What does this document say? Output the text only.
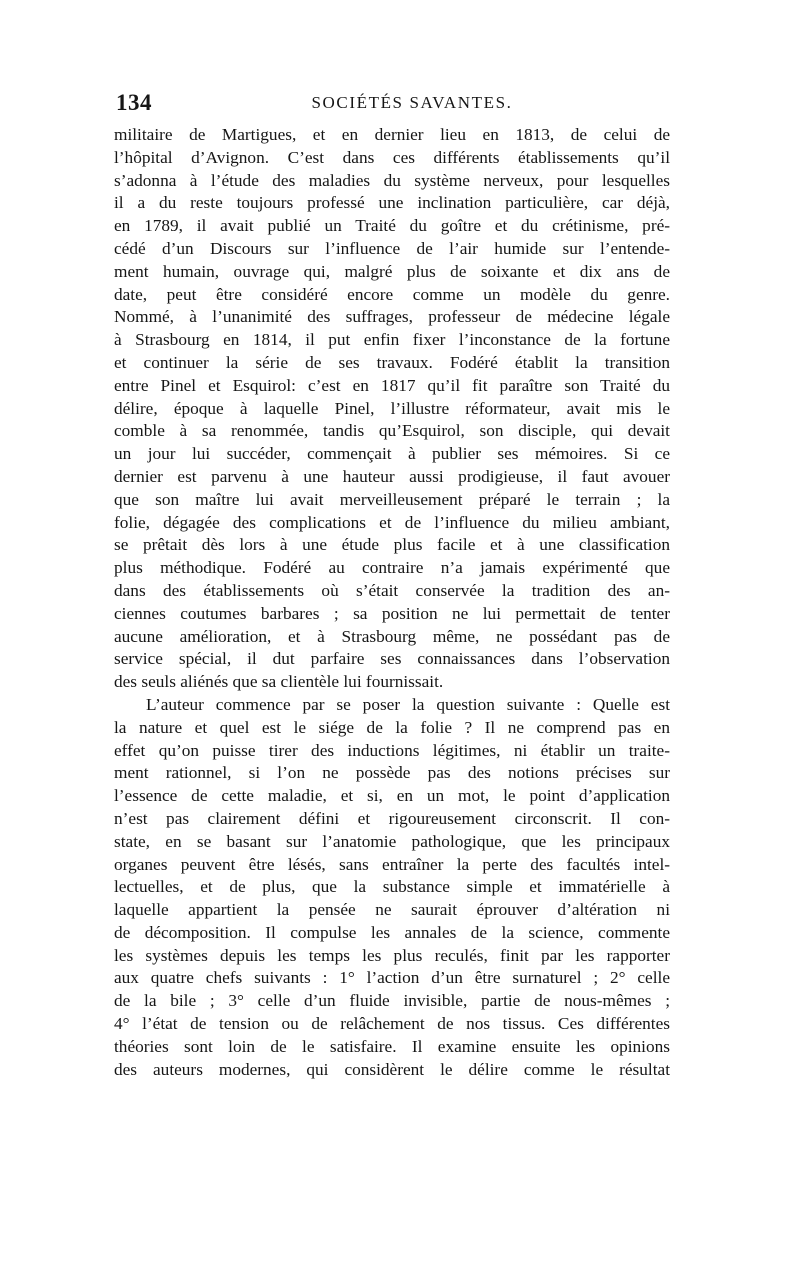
134	SOCIÉTÉS SAVANTES.
militaire de Martigues, et en dernier lieu en 1813, de celui de
l’hôpital d’Avignon. C’est dans ces différents établissements qu’il
s’adonna à l’étude des maladies du système nerveux, pour lesquelles
il a du reste toujours professé une inclination particulière, car déjà,
en 1789, il avait publié un Traité du goître et du crétinisme, pré-
cédé d’un Discours sur l’influence de l’air humide sur l’entende-
ment humain, ouvrage qui, malgré plus de soixante et dix ans de
date, peut être considéré encore comme un modèle du genre.
Nommé, à l’unanimité des suffrages, professeur de médecine légale
à Strasbourg en 1814, il put enfin fixer l’inconstance de la fortune
et continuer la série de ses travaux. Fodéré établit la transition
entre Pinel et Esquirol: c’est en 1817 qu’il fit paraître son Traité du
délire, époque à laquelle Pinel, l’illustre réformateur, avait mis le
comble à sa renommée, tandis qu’Esquirol, son disciple, qui devait
un jour lui succéder, commençait à publier ses mémoires. Si ce
dernier est parvenu à une hauteur aussi prodigieuse, il faut avouer
que son maître lui avait merveilleusement préparé le terrain ; la
folie, dégagée des complications et de l’influence du milieu ambiant,
se prêtait dès lors à une étude plus facile et à une classification
plus méthodique. Fodéré au contraire n’a jamais expérimenté que
dans des établissements où s’était conservée la tradition des an-
ciennes coutumes barbares ; sa position ne lui permettait de tenter
aucune amélioration, et à Strasbourg même, ne possédant pas de
service spécial, il dut parfaire ses connaissances dans l’observation
des seuls aliénés que sa clientèle lui fournissait.
L’auteur commence par se poser la question suivante : Quelle est
la nature et quel est le siége de la folie ? Il ne comprend pas en
effet qu’on puisse tirer des inductions légitimes, ni établir un traite-
ment rationnel, si l’on ne possède pas des notions précises sur
l’essence de cette maladie, et si, en un mot, le point d’application
n’est pas clairement défini et rigoureusement circonscrit. Il con-
state, en se basant sur l’anatomie pathologique, que les principaux
organes peuvent être lésés, sans entraîner la perte des facultés intel-
lectuelles, et de plus, que la substance simple et immatérielle à
laquelle appartient la pensée ne saurait éprouver d’altération ni
de décomposition. Il compulse les annales de la science, commente
les systèmes depuis les temps les plus reculés, finit par les rapporter
aux quatre chefs suivants : 1° l’action d’un être surnaturel ; 2° celle
de la bile ; 3° celle d’un fluide invisible, partie de nous-mêmes ;
4° l’état de tension ou de relâchement de nos tissus. Ces différentes
théories sont loin de le satisfaire. Il examine ensuite les opinions
des auteurs modernes, qui considèrent le délire comme le résultat
